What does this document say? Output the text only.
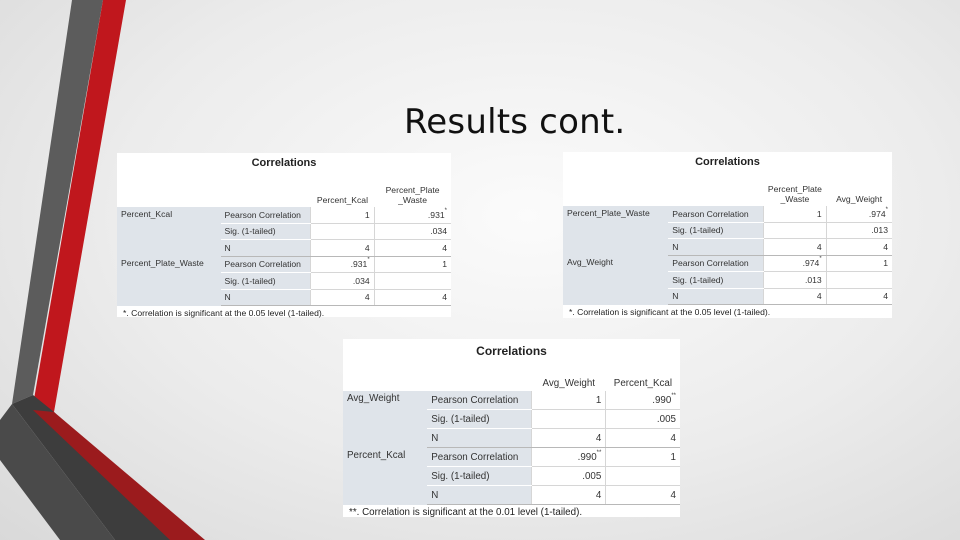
Results cont.
Correlations
		Percent_Kcal	Percent_Plate _Waste
Percent_Kcal	Pearson Correlation	1	.931*
	Sig. (1-tailed)		.034
	N	4	4
Percent_Plate_Waste	Pearson Correlation	.931*	1
	Sig. (1-tailed)	.034	
	N	4	4
*. Correlation is significant at the 0.05 level (1-tailed).
Correlations
		Percent_Plate _Waste	Avg_Weight
Percent_Plate_Waste	Pearson Correlation	1	.974*
	Sig. (1-tailed)		.013
	N	4	4
Avg_Weight	Pearson Correlation	.974*	1
	Sig. (1-tailed)	.013	
	N	4	4
*. Correlation is significant at the 0.05 level (1-tailed).
Correlations
		Avg_Weight	Percent_Kcal
Avg_Weight	Pearson Correlation	1	.990**
	Sig. (1-tailed)		.005
	N	4	4
Percent_Kcal	Pearson Correlation	.990**	1
	Sig. (1-tailed)	.005	
	N	4	4
**. Correlation is significant at the 0.01 level (1-tailed).
